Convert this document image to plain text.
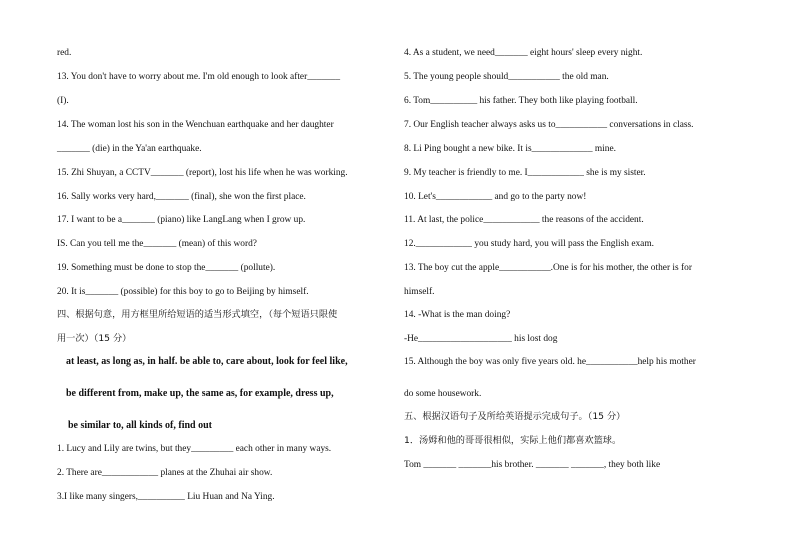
red.
13. You don't have to worry about me. I'm old enough to look after_______
(I).
14. The woman lost his son in the Wenchuan earthquake and her daughter
_______ (die) in the Ya'an earthquake.
15. Zhi Shuyan, a CCTV_______ (report), lost his life when he was working.
16. Sally works very hard,_______ (final), she won the first place.
17. I want to be a_______ (piano) like LangLang when I grow up.
IS. Can you tell me the_______ (mean) of this word?
19. Something must be done to stop the_______ (pollute).
20. It is_______ (possible) for this boy to go to Beijing by himself.
四、根据句意，用方框里所给短语的适当形式填空，（每个短语只限使
用一次）（15 分）
at least, as long as, in half. be able to, care about, look for feel like,
be different from, make up, the same as, for example, dress up,
be similar to, all kinds of, find out
1. Lucy and Lily are twins, but they_________ each other in many ways.
2. There are____________ planes at the Zhuhai air show.
3.I like many singers,__________ Liu Huan and Na Ying.
4. As a student, we need_______ eight hours' sleep every night.
5. The young people should___________ the old man.
6. Tom__________ his father. They both like playing football.
7. Our English teacher always asks us to___________ conversations in class.
8. Li Ping bought a new bike. It is_____________ mine.
9. My teacher is friendly to me. I____________ she is my sister.
10. Let's____________ and go to the party now!
11. At last, the police____________ the reasons of the accident.
12.____________ you study hard, you will pass the English exam.
13. The boy cut the apple___________.One is for his mother, the other is for
himself.
14. -What is the man doing?
-He____________________ his lost dog
15. Although the boy was only five years old. he___________help his mother
do some housework.
五、根据汉语句子及所给英语提示完成句子。（15 分）
1．汤姆和他的哥哥很相似，实际上他们都喜欢篮球。
Tom _______ _______his brother. _______ _______, they both like
